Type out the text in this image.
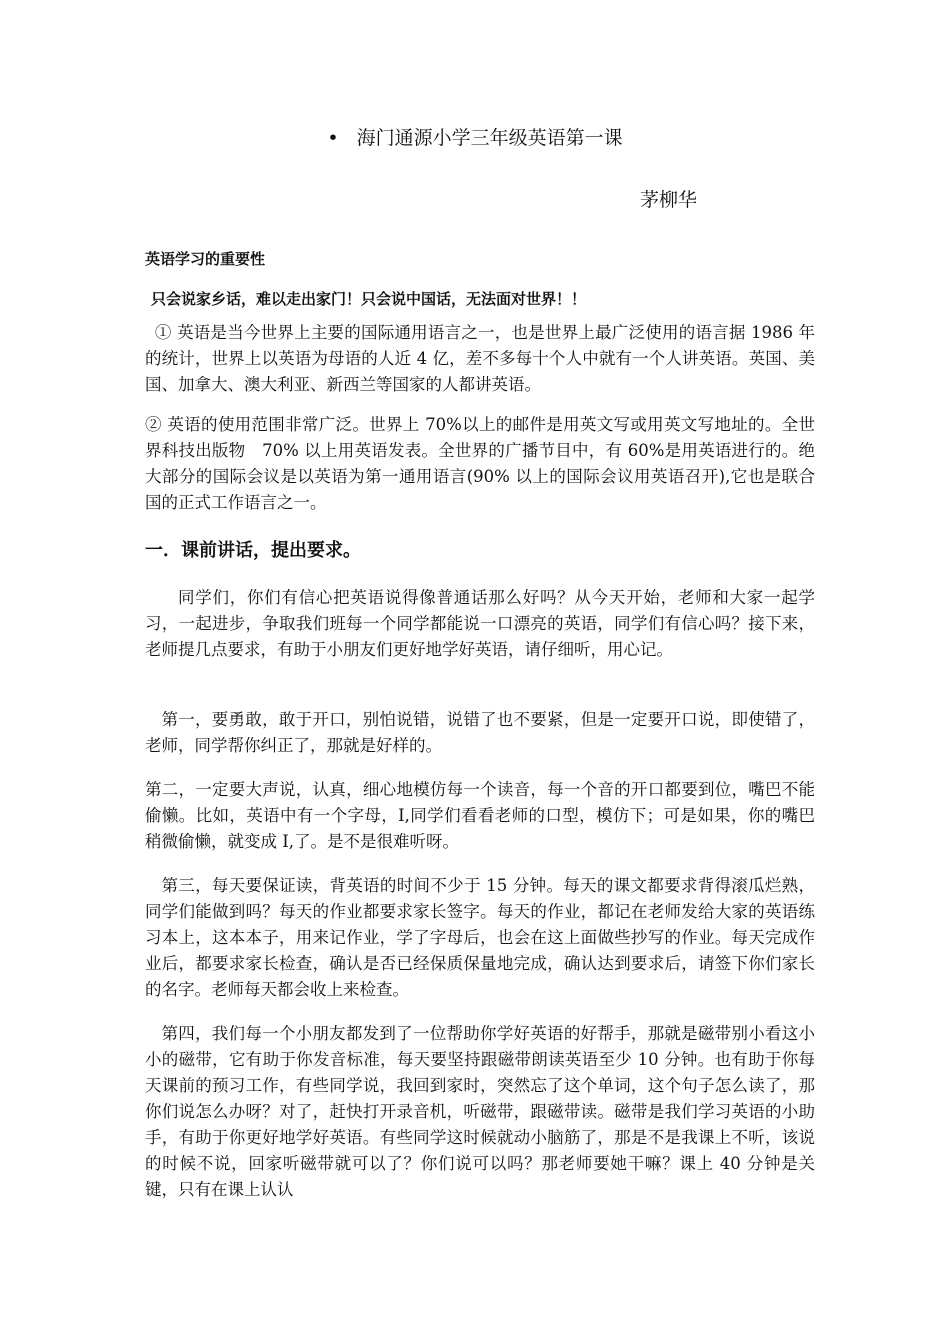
• 海门通源小学三年级英语第一课
茅柳华
英语学习的重要性
只会说家乡话，难以走出家门！只会说中国话，无法面对世界！！
① 英语是当今世界上主要的国际通用语言之一，也是世界上最广泛使用的语言据 1986 年的统计，世界上以英语为母语的人近 4 亿，差不多每十个人中就有一个人讲英语。英国、美国、加拿大、澳大利亚、新西兰等国家的人都讲英语。
② 英语的使用范围非常广泛。世界上 70%以上的邮件是用英文写或用英文写地址的。全世界科技出版物　70% 以上用英语发表。全世界的广播节目中，有 60%是用英语进行的。绝大部分的国际会议是以英语为第一通用语言(90% 以上的国际会议用英语召开),它也是联合国的正式工作语言之一。
一．课前讲话，提出要求。
同学们，你们有信心把英语说得像普通话那么好吗？从今天开始，老师和大家一起学习，一起进步，争取我们班每一个同学都能说一口漂亮的英语，同学们有信心吗？接下来，老师提几点要求，有助于小朋友们更好地学好英语，请仔细听，用心记。
第一，要勇敢，敢于开口，别怕说错，说错了也不要紧，但是一定要开口说，即使错了，老师，同学帮你纠正了，那就是好样的。
第二，一定要大声说，认真，细心地模仿每一个读音，每一个音的开口都要到位，嘴巴不能偷懒。比如，英语中有一个字母，I,同学们看看老师的口型，模仿下；可是如果，你的嘴巴稍微偷懒，就变成 I,了。是不是很难听呀。
第三，每天要保证读，背英语的时间不少于 15 分钟。每天的课文都要求背得滚瓜烂熟，同学们能做到吗？每天的作业都要求家长签字。每天的作业，都记在老师发给大家的英语练习本上，这本本子，用来记作业，学了字母后，也会在这上面做些抄写的作业。每天完成作业后，都要求家长检查，确认是否已经保质保量地完成，确认达到要求后，请签下你们家长的名字。老师每天都会收上来检查。
第四，我们每一个小朋友都发到了一位帮助你学好英语的好帮手，那就是磁带别小看这小小的磁带，它有助于你发音标准，每天要坚持跟磁带朗读英语至少 10 分钟。也有助于你每天课前的预习工作，有些同学说，我回到家时，突然忘了这个单词，这个句子怎么读了，那你们说怎么办呀？对了，赶快打开录音机，听磁带，跟磁带读。磁带是我们学习英语的小助手，有助于你更好地学好英语。有些同学这时候就动小脑筋了，那是不是我课上不听，该说的时候不说，回家听磁带就可以了？你们说可以吗？那老师要她干嘛？课上 40 分钟是关键，只有在课上认认
